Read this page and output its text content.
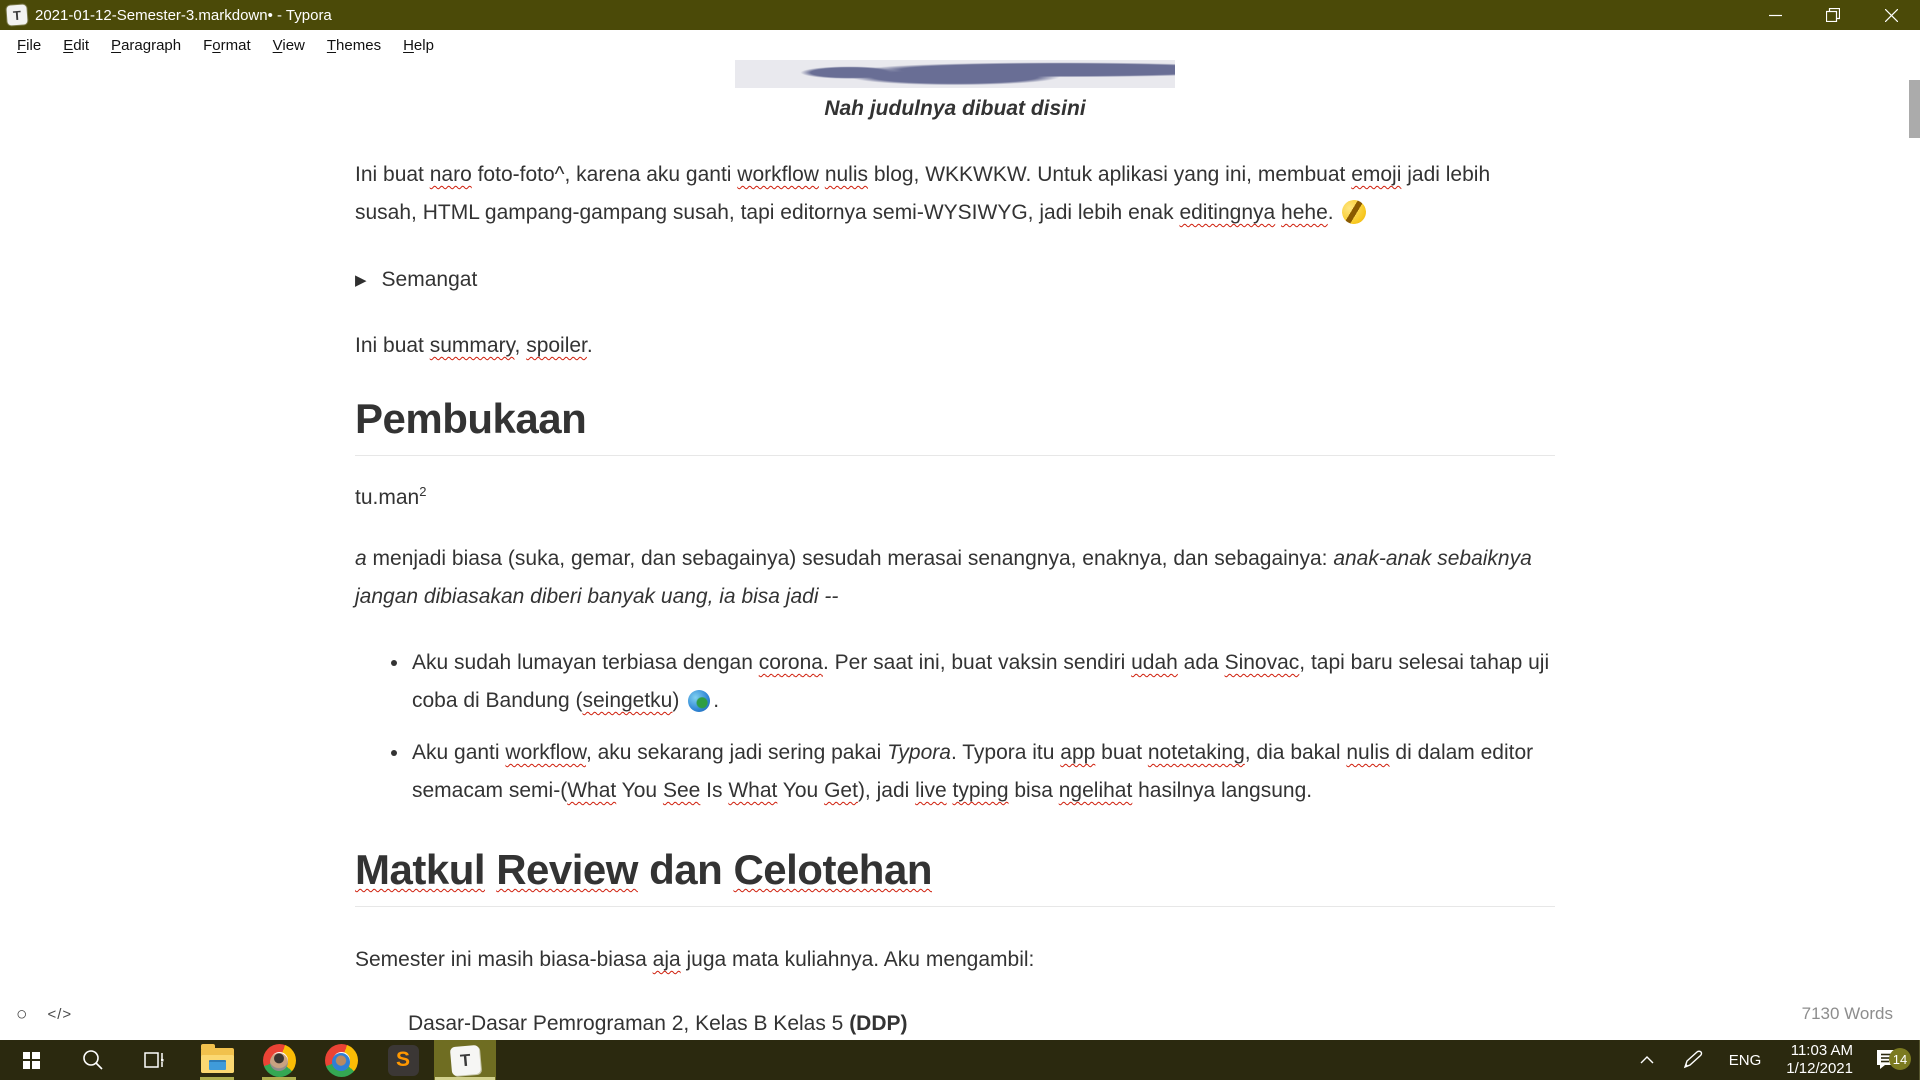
T 2021-01-12-Semester-3.markdown• - Typora
File	Edit	Paragraph	Format	View	Themes	Help
Nah judulnya dibuat disini

Ini buat naro foto-foto^, karena aku ganti workflow nulis blog, WKKWKW. Untuk aplikasi yang ini, membuat emoji jadi lebih susah, HTML gampang-gampang susah, tapi editornya semi-WYSIWYG, jadi lebih enak editingnya hehe.

▶ Semangat

Ini buat summary, spoiler.

Pembukaan

tu.man$^2$

a menjadi biasa (suka, gemar, dan sebagainya) sesudah merasai senangnya, enaknya, dan sebagainya: anak-anak sebaiknya jangan dibiasakan diberi banyak uang, ia bisa jadi --

• Aku sudah lumayan terbiasa dengan corona. Per saat ini, buat vaksin sendiri udah ada Sinovac, tapi baru selesai tahap uji coba di Bandung (seingetku) .
• Aku ganti workflow, aku sekarang jadi sering pakai Typora. Typora itu app buat notetaking, dia bakal nulis di dalam editor semacam semi-(What You See Is What You Get), jadi live typing bisa ngelihat hasilnya langsung.
Matkul Review dan Celotehan

Semester ini masih biasa-biasa aja juga mata kuliahnya. Aku mengambil:

Dasar-Dasar Pemrograman 2, Kelas B Kelas 5 (DDP)

○ </>	7130 Words
S	T	ENG
11:03 AM
1/12/2021
14
